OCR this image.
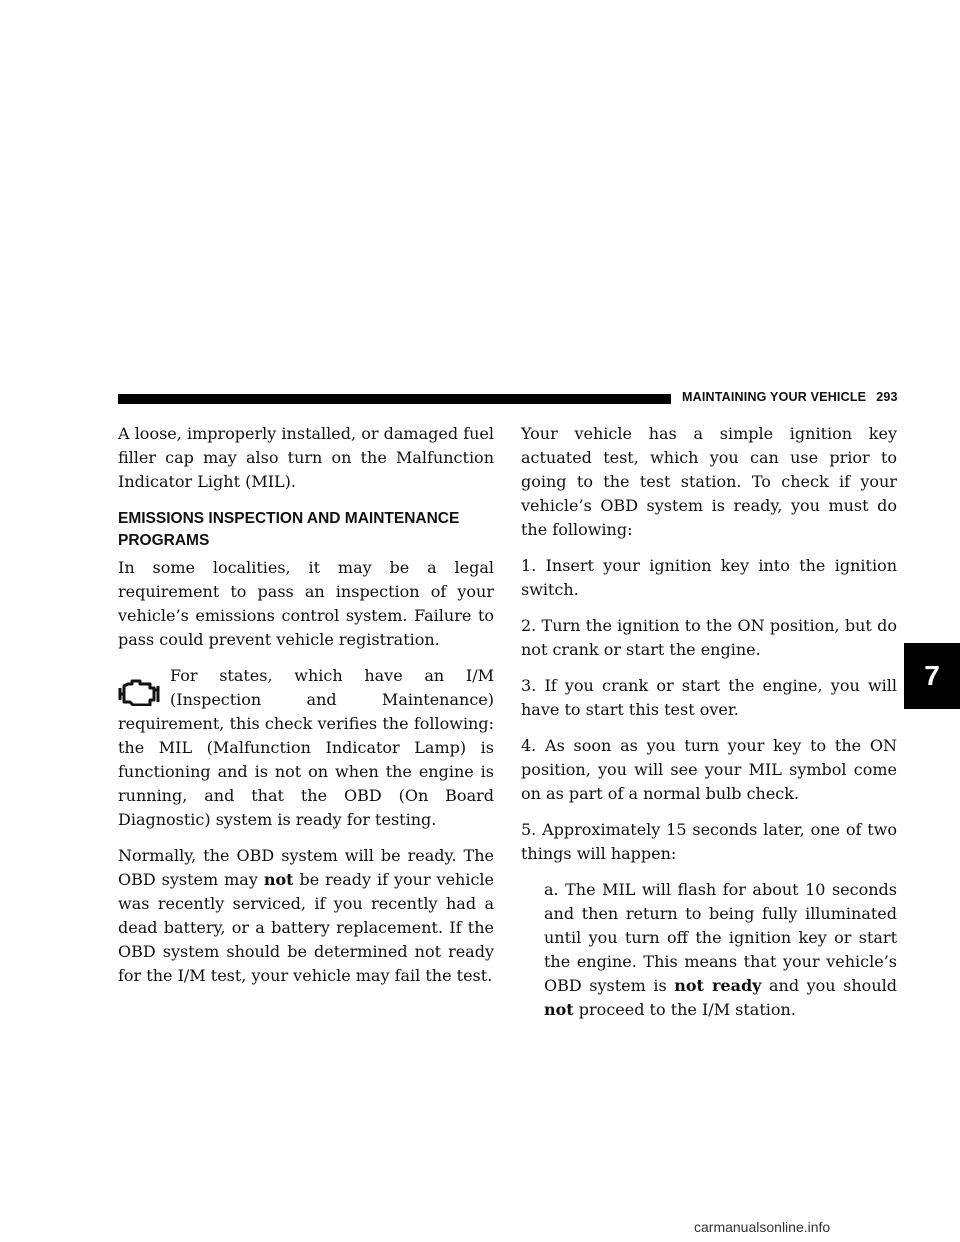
MAINTAINING YOUR VEHICLE 293

A loose, improperly installed, or damaged fuel filler cap may also turn on the Malfunction Indicator Light (MIL).

EMISSIONS INSPECTION AND MAINTENANCE PROGRAMS

In some localities, it may be a legal requirement to pass an inspection of your vehicle’s emissions control system. Failure to pass could prevent vehicle registration.

For states, which have an I/M (Inspection and Maintenance) requirement, this check verifies the following: the MIL (Malfunction Indicator Lamp) is functioning and is not on when the engine is running, and that the OBD (On Board Diagnostic) system is ready for testing.

Normally, the OBD system will be ready. The OBD system may not be ready if your vehicle was recently serviced, if you recently had a dead battery, or a battery replacement. If the OBD system should be determined not ready for the I/M test, your vehicle may fail the test.

Your vehicle has a simple ignition key actuated test, which you can use prior to going to the test station. To check if your vehicle’s OBD system is ready, you must do the following:

1. Insert your ignition key into the ignition switch.

2. Turn the ignition to the ON position, but do not crank or start the engine.

3. If you crank or start the engine, you will have to start this test over.

4. As soon as you turn your key to the ON position, you will see your MIL symbol come on as part of a normal bulb check.

5. Approximately 15 seconds later, one of two things will happen:

a. The MIL will flash for about 10 seconds and then return to being fully illuminated until you turn off the ignition key or start the engine. This means that your vehicle’s OBD system is not ready and you should not proceed to the I/M station.

7
carmanualsonline.info
